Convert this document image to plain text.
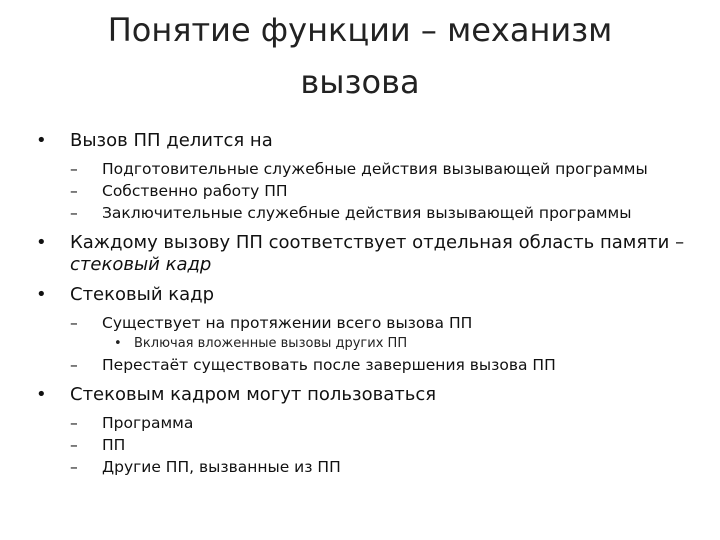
Понятие функции – механизм
вызова
• Вызов ПП делится на
– Подготовительные служебные действия вызывающей программы
– Собственно работу ПП
– Заключительные служебные действия вызывающей программы
• Каждому вызову ПП соответствует отдельная область памяти –
стековый кадр
• Стековый кадр
– Существует на протяжении всего вызова ПП
• Включая вложенные вызовы других ПП
– Перестаёт существовать после завершения вызова ПП
• Стековым кадром могут пользоваться
– Программа
– ПП
– Другие ПП, вызванные из ПП
